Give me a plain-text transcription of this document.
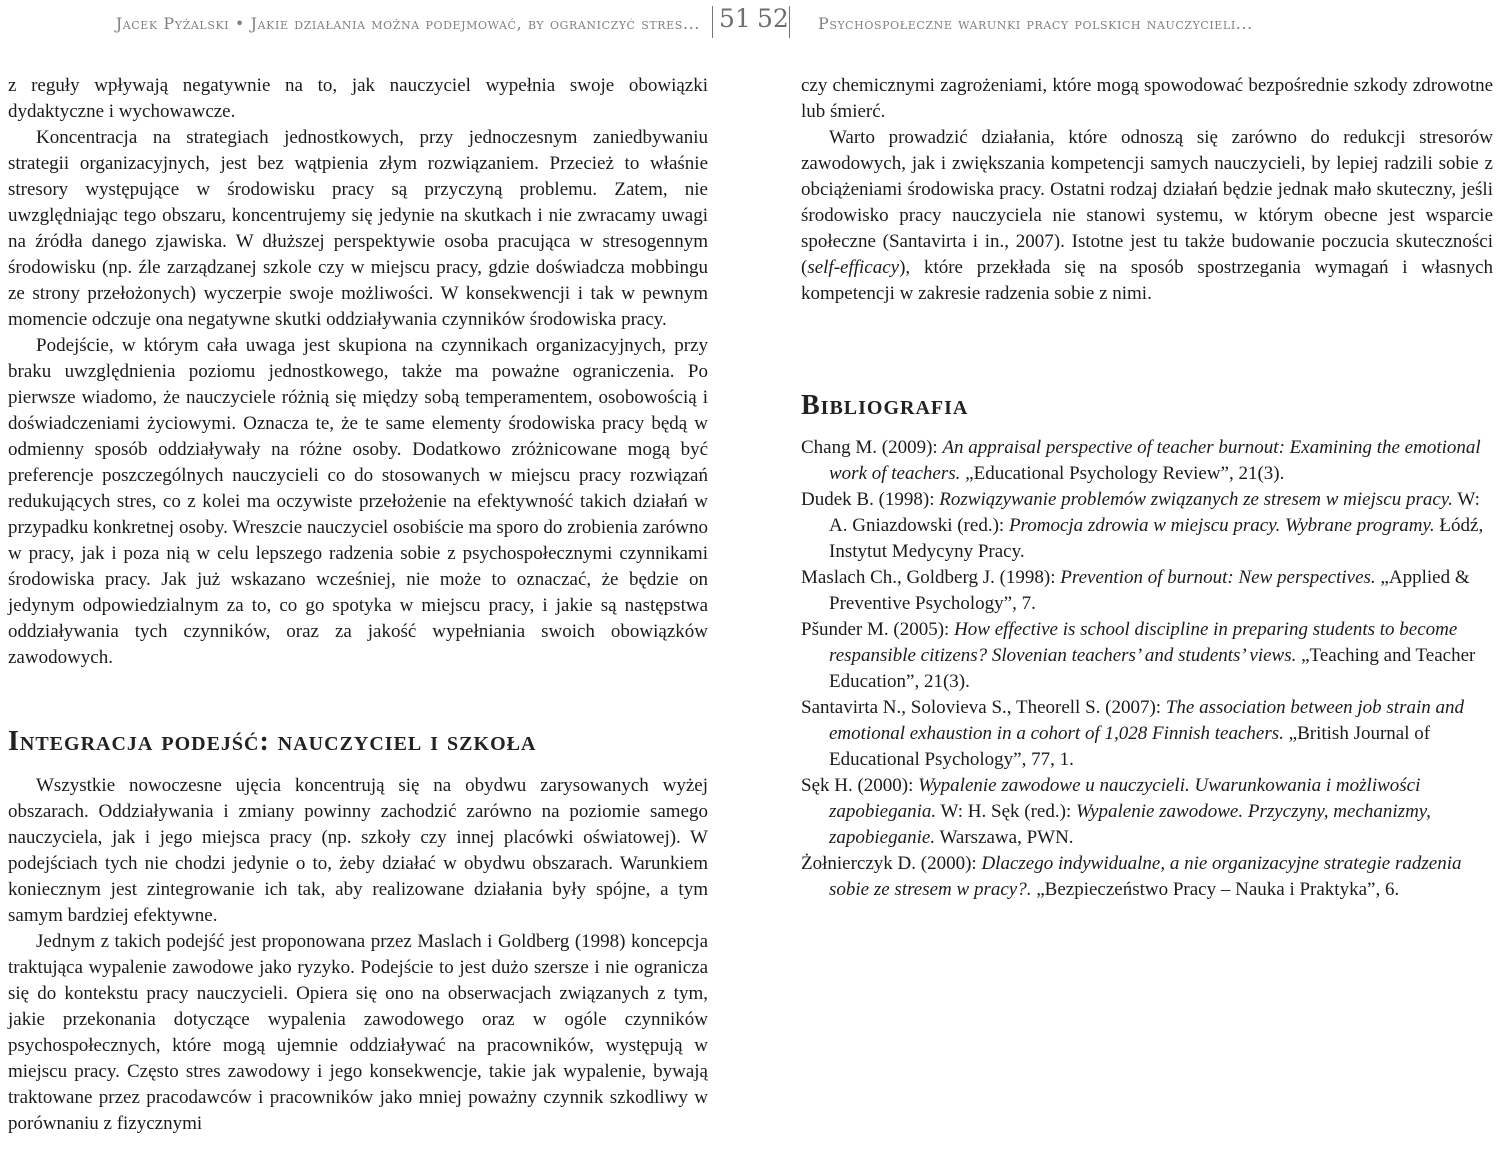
Jacek Pyżalski • Jakie działania można podejmować, by ograniczyć stres... 51 52 Psychospołeczne warunki pracy polskich nauczycieli...

z reguły wpływają negatywnie na to, jak nauczyciel wypełnia swoje obowiązki dydaktyczne i wychowawcze.

Koncentracja na strategiach jednostkowych, przy jednoczesnym zaniedbywaniu strategii organizacyjnych, jest bez wątpienia złym rozwiązaniem. Przecież to właśnie stresory występujące w środowisku pracy są przyczyną problemu. Zatem, nie uwzględniając tego obszaru, koncentrujemy się jedynie na skutkach i nie zwracamy uwagi na źródła danego zjawiska. W dłuższej perspektywie osoba pracująca w stresogennym środowisku (np. źle zarządzanej szkole czy w miejscu pracy, gdzie doświadcza mobbingu ze strony przełożonych) wyczerpie swoje możliwości. W konsekwencji i tak w pewnym momencie odczuje ona negatywne skutki oddziaływania czynników środowiska pracy.

Podejście, w którym cała uwaga jest skupiona na czynnikach organizacyjnych, przy braku uwzględnienia poziomu jednostkowego, także ma poważne ograniczenia. Po pierwsze wiadomo, że nauczyciele różnią się między sobą temperamentem, osobowością i doświadczeniami życiowymi. Oznacza te, że te same elementy środowiska pracy będą w odmienny sposób oddziaływały na różne osoby. Dodatkowo zróżnicowane mogą być preferencje poszczególnych nauczycieli co do stosowanych w miejscu pracy rozwiązań redukujących stres, co z kolei ma oczywiste przełożenie na efektywność takich działań w przypadku konkretnej osoby. Wreszcie nauczyciel osobiście ma sporo do zrobienia zarówno w pracy, jak i poza nią w celu lepszego radzenia sobie z psychospołecznymi czynnikami środowiska pracy. Jak już wskazano wcześniej, nie może to oznaczać, że będzie on jedynym odpowiedzialnym za to, co go spotyka w miejscu pracy, i jakie są następstwa oddziaływania tych czynników, oraz za jakość wypełniania swoich obowiązków zawodowych.

Integracja podejść: nauczyciel i szkoła

Wszystkie nowoczesne ujęcia koncentrują się na obydwu zarysowanych wyżej obszarach. Oddziaływania i zmiany powinny zachodzić zarówno na poziomie samego nauczyciela, jak i jego miejsca pracy (np. szkoły czy innej placówki oświatowej). W podejściach tych nie chodzi jedynie o to, żeby działać w obydwu obszarach. Warunkiem koniecznym jest zintegrowanie ich tak, aby realizowane działania były spójne, a tym samym bardziej efektywne.

Jednym z takich podejść jest proponowana przez Maslach i Goldberg (1998) koncepcja traktująca wypalenie zawodowe jako ryzyko. Podejście to jest dużo szersze i nie ogranicza się do kontekstu pracy nauczycieli. Opiera się ono na obserwacjach związanych z tym, jakie przekonania dotyczące wypalenia zawodowego oraz w ogóle czynników psychospołecznych, które mogą ujemnie oddziaływać na pracowników, występują w miejscu pracy. Często stres zawodowy i jego konsekwencje, takie jak wypalenie, bywają traktowane przez pracodawców i pracowników jako mniej poważny czynnik szkodliwy w porównaniu z fizycznymi

czy chemicznymi zagrożeniami, które mogą spowodować bezpośrednie szkody zdrowotne lub śmierć.

Warto prowadzić działania, które odnoszą się zarówno do redukcji stresorów zawodowych, jak i zwiększania kompetencji samych nauczycieli, by lepiej radzili sobie z obciążeniami środowiska pracy. Ostatni rodzaj działań będzie jednak mało skuteczny, jeśli środowisko pracy nauczyciela nie stanowi systemu, w którym obecne jest wsparcie społeczne (Santavirta i in., 2007). Istotne jest tu także budowanie poczucia skuteczności (self-efficacy), które przekłada się na sposób spostrzegania wymagań i własnych kompetencji w zakresie radzenia sobie z nimi.

Bibliografia

Chang M. (2009): An appraisal perspective of teacher burnout: Examining the emotional work of teachers. „Educational Psychology Review”, 21(3).

Dudek B. (1998): Rozwiązywanie problemów związanych ze stresem w miejscu pracy. W: A. Gniazdowski (red.): Promocja zdrowia w miejscu pracy. Wybrane programy. Łódź, Instytut Medycyny Pracy.

Maslach Ch., Goldberg J. (1998): Prevention of burnout: New perspectives. „Applied & Preventive Psychology”, 7.

Pšunder M. (2005): How effective is school discipline in preparing students to become respansible citizens? Slovenian teachers’ and students’ views. „Teaching and Teacher Education”, 21(3).

Santavirta N., Solovieva S., Theorell S. (2007): The association between job strain and emotional exhaustion in a cohort of 1,028 Finnish teachers. „British Journal of Educational Psychology”, 77, 1.

Sęk H. (2000): Wypalenie zawodowe u nauczycieli. Uwarunkowania i możliwości zapobiegania. W: H. Sęk (red.): Wypalenie zawodowe. Przyczyny, mechanizmy, zapobieganie. Warszawa, PWN.

Żołnierczyk D. (2000): Dlaczego indywidualne, a nie organizacyjne strategie radzenia sobie ze stresem w pracy?. „Bezpieczeństwo Pracy – Nauka i Praktyka”, 6.
